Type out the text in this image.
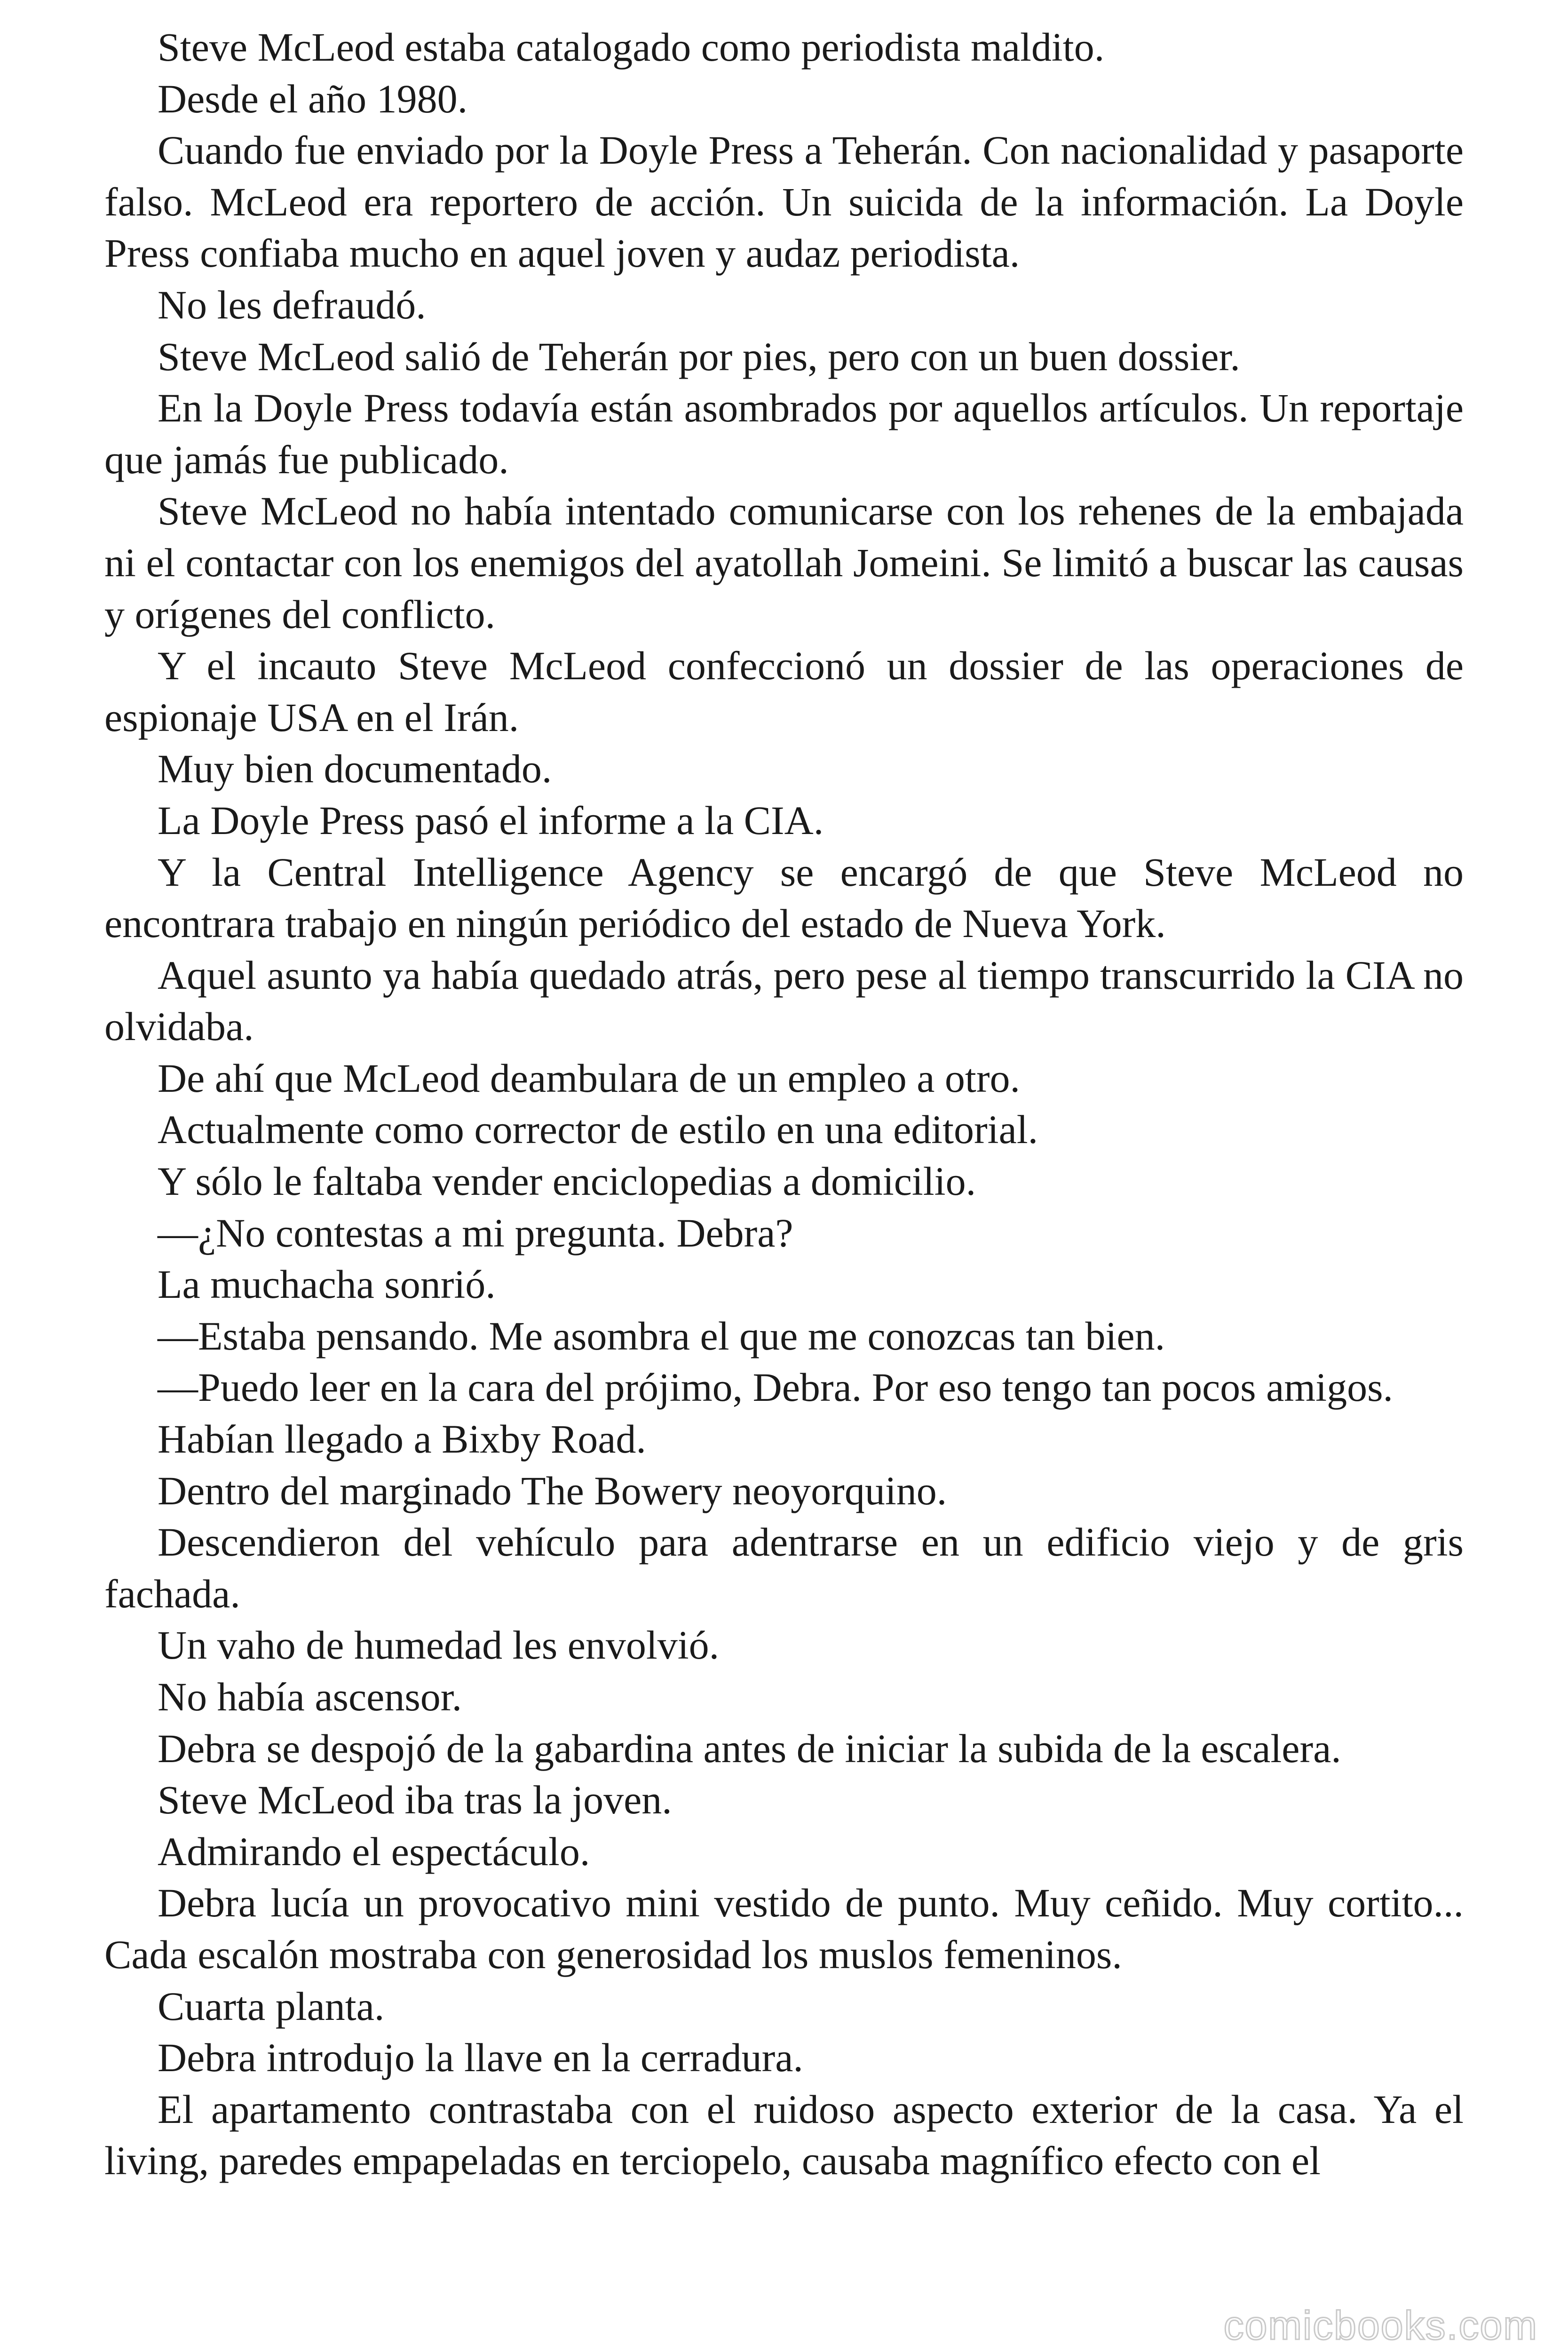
Steve McLeod estaba catalogado como periodista maldito.

Desde el año 1980.

Cuando fue enviado por la Doyle Press a Teherán. Con nacionalidad y pasaporte falso. McLeod era reportero de acción. Un suicida de la información. La Doyle Press confiaba mucho en aquel joven y audaz periodista.

No les defraudó.

Steve McLeod salió de Teherán por pies, pero con un buen dossier.

En la Doyle Press todavía están asombrados por aquellos artículos. Un reportaje que jamás fue publicado.

Steve McLeod no había intentado comunicarse con los rehenes de la embajada ni el contactar con los enemigos del ayatollah Jomeini. Se limitó a buscar las causas y orígenes del conflicto.

Y el incauto Steve McLeod confeccionó un dossier de las operaciones de espionaje USA en el Irán.

Muy bien documentado.

La Doyle Press pasó el informe a la CIA.

Y la Central Intelligence Agency se encargó de que Steve McLeod no encontrara trabajo en ningún periódico del estado de Nueva York.

Aquel asunto ya había quedado atrás, pero pese al tiempo transcurrido la CIA no olvidaba.

De ahí que McLeod deambulara de un empleo a otro.

Actualmente como corrector de estilo en una editorial.

Y sólo le faltaba vender enciclopedias a domicilio.

—¿No contestas a mi pregunta. Debra?

La muchacha sonrió.

—Estaba pensando. Me asombra el que me conozcas tan bien.

—Puedo leer en la cara del prójimo, Debra. Por eso tengo tan pocos amigos.

Habían llegado a Bixby Road.

Dentro del marginado The Bowery neoyorquino.

Descendieron del vehículo para adentrarse en un edificio viejo y de gris fachada.

Un vaho de humedad les envolvió.

No había ascensor.

Debra se despojó de la gabardina antes de iniciar la subida de la escalera.

Steve McLeod iba tras la joven.

Admirando el espectáculo.

Debra lucía un provocativo mini vestido de punto. Muy ceñido. Muy cortito... Cada escalón mostraba con generosidad los muslos femeninos.

Cuarta planta.

Debra introdujo la llave en la cerradura.

El apartamento contrastaba con el ruidoso aspecto exterior de la casa. Ya el living, paredes empapeladas en terciopelo, causaba magnífico efecto con el

comicbooks.com
